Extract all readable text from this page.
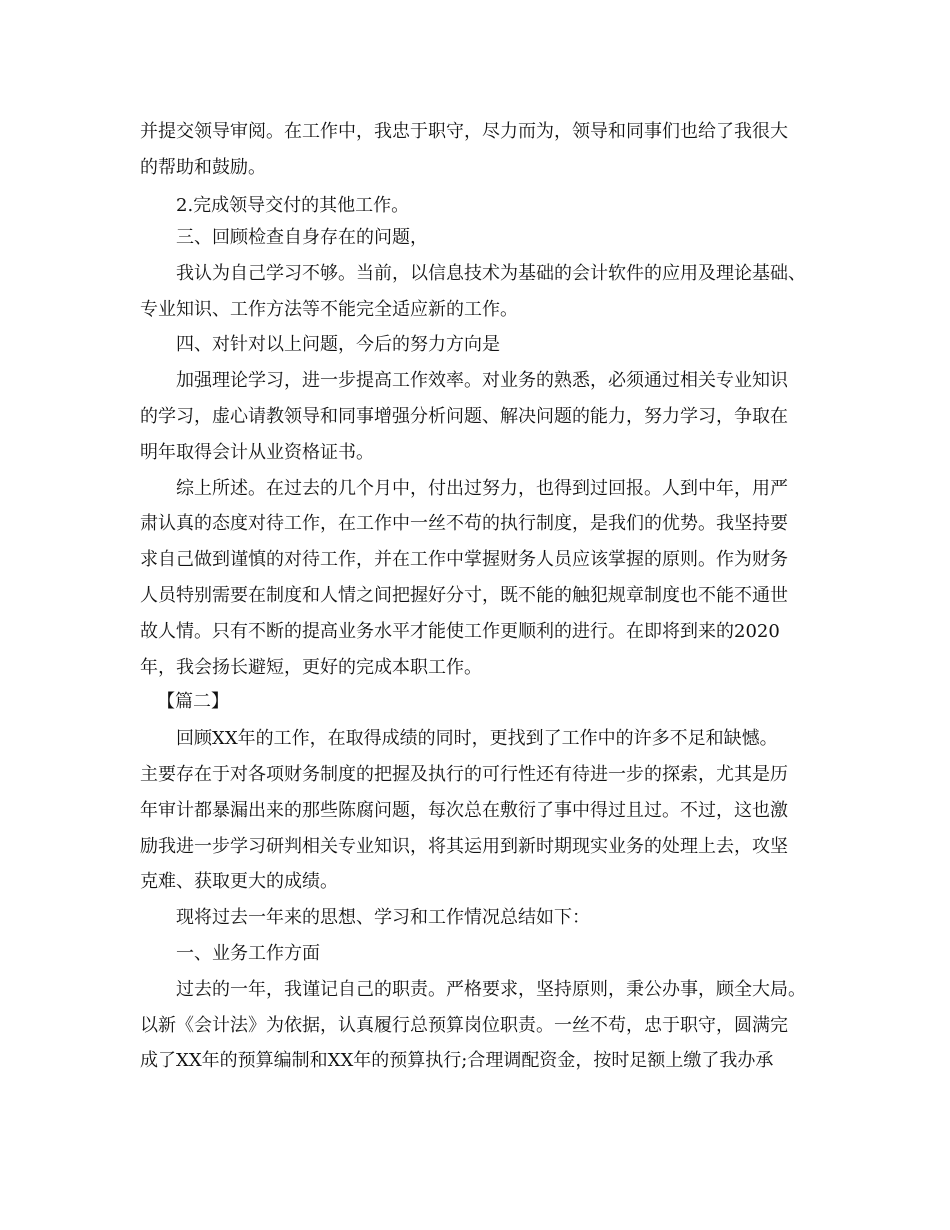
并提交领导审阅。在工作中，我忠于职守，尽力而为，领导和同事们也给了我很大

的帮助和鼓励。

2.完成领导交付的其他工作。

三、回顾检查自身存在的问题，

我认为自己学习不够。当前，以信息技术为基础的会计软件的应用及理论基础、

专业知识、工作方法等不能完全适应新的工作。

四、对针对以上问题，今后的努力方向是

加强理论学习，进一步提高工作效率。对业务的熟悉，必须通过相关专业知识

的学习，虚心请教领导和同事增强分析问题、解决问题的能力，努力学习，争取在

明年取得会计从业资格证书。

综上所述。在过去的几个月中，付出过努力，也得到过回报。人到中年，用严

肃认真的态度对待工作，在工作中一丝不苟的执行制度，是我们的优势。我坚持要

求自己做到谨慎的对待工作，并在工作中掌握财务人员应该掌握的原则。作为财务

人员特别需要在制度和人情之间把握好分寸，既不能的触犯规章制度也不能不通世

故人情。只有不断的提高业务水平才能使工作更顺利的进行。在即将到来的2020

年，我会扬长避短，更好的完成本职工作。

【篇二】

回顾XX年的工作，在取得成绩的同时，更找到了工作中的许多不足和缺憾。

主要存在于对各项财务制度的把握及执行的可行性还有待进一步的探索，尤其是历

年审计都暴漏出来的那些陈腐问题，每次总在敷衍了事中得过且过。不过，这也激

励我进一步学习研判相关专业知识，将其运用到新时期现实业务的处理上去，攻坚

克难、获取更大的成绩。

现将过去一年来的思想、学习和工作情况总结如下：

一、业务工作方面

过去的一年，我谨记自己的职责。严格要求，坚持原则，秉公办事，顾全大局。

以新《会计法》为依据，认真履行总预算岗位职责。一丝不苟，忠于职守，圆满完

成了XX年的预算编制和XX年的预算执行;合理调配资金，按时足额上缴了我办承
